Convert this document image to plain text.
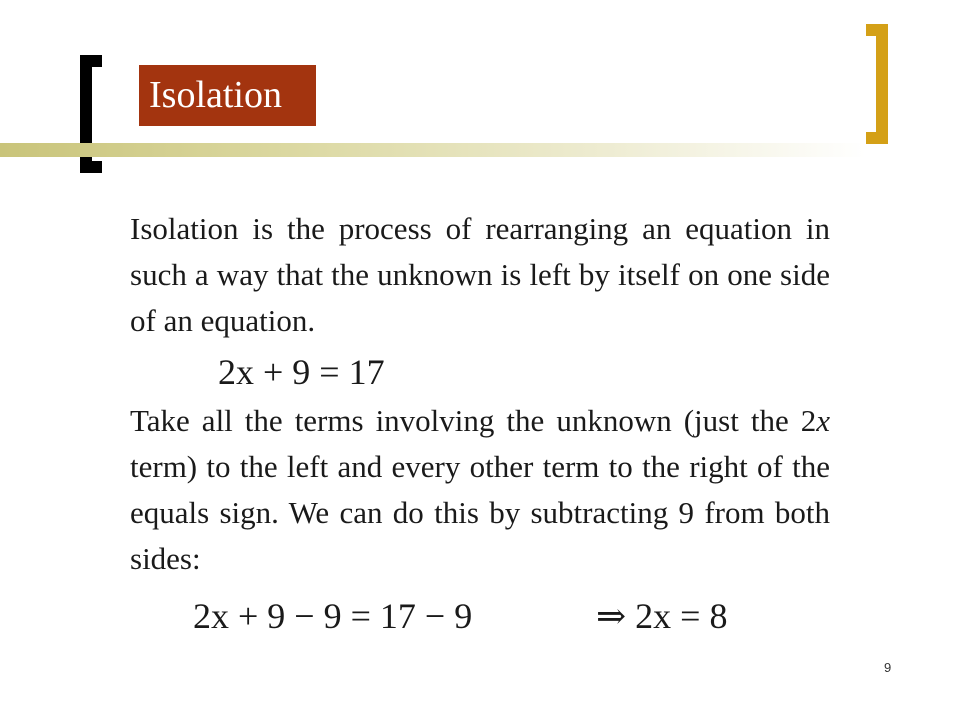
Isolation
Isolation is the process of rearranging an equation in such a way that the unknown is left by itself on one side of an equation.
2x + 9 = 17
Take all the terms involving the unknown (just the 2x term) to the left and every other term to the right of the equals sign. We can do this by subtracting 9 from both sides:
2x + 9 − 9 = 17 − 9	⇒ 2x = 8
9
